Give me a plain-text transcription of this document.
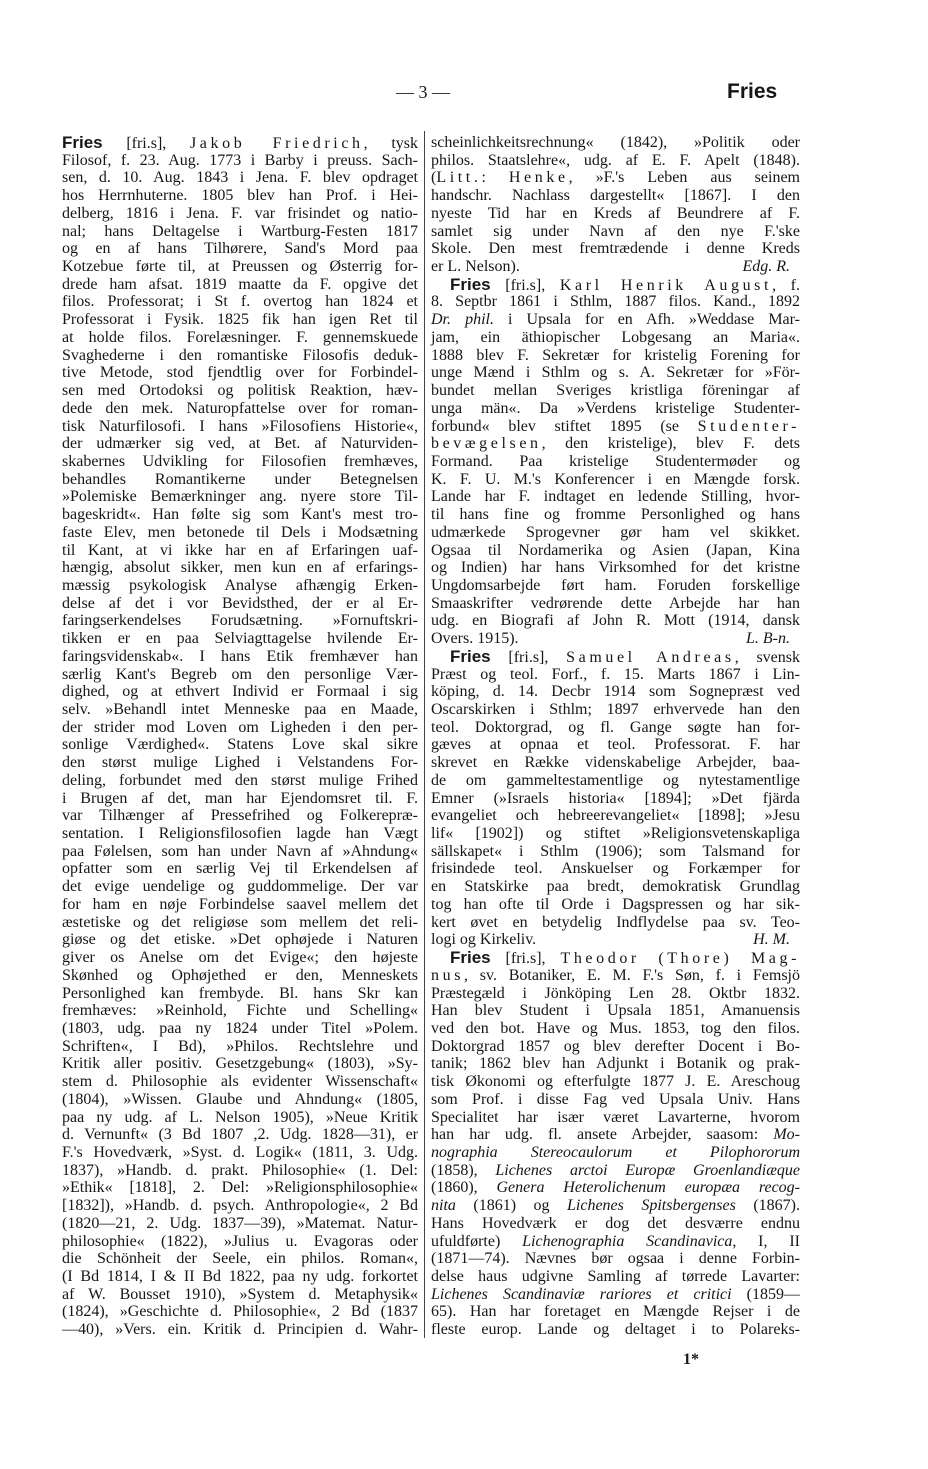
— 3 —	Fries
Fries [fri.s], Jakob Friedrich, tysk
Filosof, f. 23. Aug. 1773 i Barby i preuss. Sach-
sen, d. 10. Aug. 1843 i Jena. F. blev opdraget
hos Herrnhuterne. 1805 blev han Prof. i Hei-
delberg, 1816 i Jena. F. var frisindet og natio-
nal; hans Deltagelse i Wartburg-Festen 1817
og en af hans Tilhørere, Sand's Mord paa
Kotzebue førte til, at Preussen og Østerrig for-
drede ham afsat. 1819 maatte da F. opgive det
filos. Professorat; i St f. overtog han 1824 et
Professorat i Fysik. 1825 fik han igen Ret til
at holde filos. Forelæsninger. F. gennemskuede
Svaghederne i den romantiske Filosofis deduk-
tive Metode, stod fjendtlig over for Forbindel-
sen med Ortodoksi og politisk Reaktion, hæv-
dede den mek. Naturopfattelse over for roman-
tisk Naturfilosofi. I hans »Filosofiens Historie«,
der udmærker sig ved, at Bet. af Naturviden-
skabernes Udvikling for Filosofien fremhæves,
behandles Romantikerne under Betegnelsen
»Polemiske Bemærkninger ang. nyere store Til-
bageskridt«. Han følte sig som Kant's mest tro-
faste Elev, men betonede til Dels i Modsætning
til Kant, at vi ikke har en af Erfaringen uaf-
hængig, absolut sikker, men kun en af erfarings-
mæssig psykologisk Analyse afhængig Erken-
delse af det i vor Bevidsthed, der er al Er-
faringserkendelses Forudsætning. »Fornuftskri-
tikken er en paa Selviagttagelse hvilende Er-
faringsvidenskab«. I hans Etik fremhæver han
særlig Kant's Begreb om den personlige Vær-
dighed, og at ethvert Individ er Formaal i sig
selv. »Behandl intet Menneske paa en Maade,
der strider mod Loven om Ligheden i den per-
sonlige Værdighed«. Statens Love skal sikre
den størst mulige Lighed i Velstandens For-
deling, forbundet med den størst mulige Frihed
i Brugen af det, man har Ejendomsret til. F.
var Tilhænger af Pressefrihed og Folkerepræ-
sentation. I Religionsfilosofien lagde han Vægt
paa Følelsen, som han under Navn af »Ahndung«
opfatter som en særlig Vej til Erkendelsen af
det evige uendelige og guddommelige. Der var
for ham en nøje Forbindelse saavel mellem det
æstetiske og det religiøse som mellem det reli-
giøse og det etiske. »Det ophøjede i Naturen
giver os Anelse om det Evige«; den højeste
Skønhed og Ophøjethed er den, Menneskets
Personlighed kan frembyde. Bl. hans Skr kan
fremhæves: »Reinhold, Fichte und Schelling«
(1803, udg. paa ny 1824 under Titel »Polem.
Schriften«, I Bd), »Philos. Rechtslehre und
Kritik aller positiv. Gesetzgebung« (1803), »Sy-
stem d. Philosophie als evidenter Wissenschaft«
(1804), »Wissen. Glaube und Ahndung« (1805,
paa ny udg. af L. Nelson 1905), »Neue Kritik
d. Vernunft« (3 Bd 1807 ,2. Udg. 1828—31), er
F.'s Hovedværk, »Syst. d. Logik« (1811, 3. Udg.
1837), »Handb. d. prakt. Philosophie« (1. Del:
»Ethik« [1818], 2. Del: »Religionsphilosophie«
[1832]), »Handb. d. psych. Anthropologie«, 2 Bd
(1820—21, 2. Udg. 1837—39), »Matemat. Natur-
philosophie« (1822), »Julius u. Evagoras oder
die Schönheit der Seele, ein philos. Roman«,
(I Bd 1814, I & II Bd 1822, paa ny udg. forkortet
af W. Bousset 1910), »System d. Metaphysik«
(1824), »Geschichte d. Philosophie«, 2 Bd (1837
—40), »Vers. ein. Kritik d. Principien d. Wahr-
scheinlichkeitsrechnung« (1842), »Politik oder
philos. Staatslehre«, udg. af E. F. Apelt (1848).
(Litt.: Henke, »F.'s Leben aus seinem
handschr. Nachlass dargestellt« [1867]. I den
nyeste Tid har en Kreds af Beundrere af F.
samlet sig under Navn af den nye F.'ske
Skole. Den mest fremtrædende i denne Kreds
er L. Nelson).	Edg. R.
Fries [fri.s], Karl Henrik August, f.
8. Septbr 1861 i Sthlm, 1887 filos. Kand., 1892
Dr. phil. i Upsala for en Afh. »Weddase Mar-
jam, ein äthiopischer Lobgesang an Maria«.
1888 blev F. Sekretær for kristelig Forening for
unge Mænd i Sthlm og s. A. Sekretær for »För-
bundet mellan Sveriges kristliga föreningar af
unga män«. Da »Verdens kristelige Studenter-
forbund« blev stiftet 1895 (se Studenter-
bevægelsen, den kristelige), blev F. dets
Formand. Paa kristelige Studentermøder og
K. F. U. M.'s Konferencer i en Mængde forsk.
Lande har F. indtaget en ledende Stilling, hvor-
til hans fine og fromme Personlighed og hans
udmærkede Sprogevner gør ham vel skikket.
Ogsaa til Nordamerika og Asien (Japan, Kina
og Indien) har hans Virksomhed for det kristne
Ungdomsarbejde ført ham. Foruden forskellige
Smaaskrifter vedrørende dette Arbejde har han
udg. en Biografi af John R. Mott (1914, dansk
Overs. 1915).	L. B-n.
Fries [fri.s], Samuel Andreas, svensk
Præst og teol. Forf., f. 15. Marts 1867 i Lin-
köping, d. 14. Decbr 1914 som Sognepræst ved
Oscarskirken i Sthlm; 1897 erhvervede han den
teol. Doktorgrad, og fl. Gange søgte han for-
gæves at opnaa et teol. Professorat. F. har
skrevet en Række videnskabelige Arbejder, baa-
de om gammeltestamentlige og nytestamentlige
Emner (»Israels historia« [1894]; »Det fjärda
evangeliet och hebreerevangeliet« [1898]; »Jesu
lif« [1902]) og stiftet »Religionsvetenskapliga
sällskapet« i Sthlm (1906); som Talsmand for
frisindede teol. Anskuelser og Forkæmper for
en Statskirke paa bredt, demokratisk Grundlag
tog han ofte til Orde i Dagspressen og har sik-
kert øvet en betydelig Indflydelse paa sv. Teo-
logi og Kirkeliv.	H. M.
Fries [fri.s], Theodor (Thore) Mag-
nus, sv. Botaniker, E. M. F.'s Søn, f. i Femsjö
Præstegæld i Jönköping Len 28. Oktbr 1832.
Han blev Student i Upsala 1851, Amanuensis
ved den bot. Have og Mus. 1853, tog den filos.
Doktorgrad 1857 og blev derefter Docent i Bo-
tanik; 1862 blev han Adjunkt i Botanik og prak-
tisk Økonomi og efterfulgte 1877 J. E. Areschoug
som Prof. i disse Fag ved Upsala Univ. Hans
Specialitet har især været Lavarterne, hvorom
han har udg. fl. ansete Arbejder, saasom: Mo-
nographia Stereocaulorum et Pilophororum
(1858), Lichenes arctoi Europæ Groenlandiæque
(1860), Genera Heterolichenum europæa recog-
nita (1861) og Lichenes Spitsbergenses (1867).
Hans Hovedværk er dog det desværre endnu
ufuldførte) Lichenographia Scandinavica, I, II
(1871—74). Nævnes bør ogsaa i denne Forbin-
delse haus udgivne Samling af tørrede Lavarter:
Lichenes Scandinaviæ rariores et critici (1859—
65). Han har foretaget en Mængde Rejser i de
fleste europ. Lande og deltaget i to Polareks-
1*
